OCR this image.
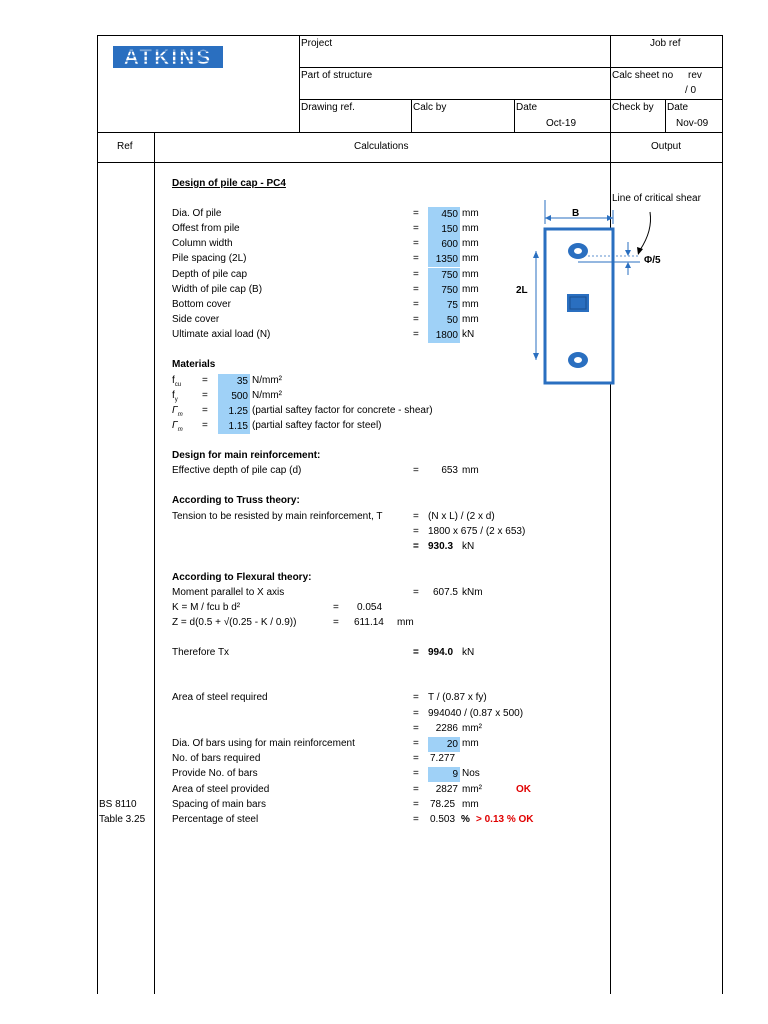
ATKINS
Project	Job ref
Part of structure	Calc sheet no rev
/ 0
Drawing ref.	Calc by	Date
Oct-19
Check by Date
Nov-09
Ref	Calculations	Output
Design of pile cap - PC4
Dia. Of pile	=	450 mm
Offest from pile	=	150 mm
Column width	=	600 mm
Pile spacing (2L)	=	1350 mm
Depth of pile cap	=	750 mm
Width of pile cap (B)	=	750 mm
Bottom cover	=	75 mm
Side cover	=	50 mm
Ultimate axial load (N)	=	1800 kN
Line of critical shear
B
2L
Φ/5
Materials
$f_{cu}$ =	35 N/mm²
$f_y$ =	500 N/mm²
$\Gamma_m$ =	1.25 (partial saftey factor for concrete - shear)
$\Gamma_m$ =	1.15 (partial saftey factor for steel)
Design for main reinforcement:
Effective depth of pile cap (d)	=	653 mm
According to Truss theory:
Tension to be resisted by main reinforcement, T	= (N x L) / (2 x d)
= 1800 x 675 / (2 x 653)
= 930.3 kN
According to Flexural theory:
Moment parallel to X axis	=	607.5 kNm
K = M / fcu b d²	= 0.054
Z = d(0.5 + √(0.25 - K / 0.9))	= 611.14 mm
Therefore Tx	= 994.0 kN
Area of steel required	= T / (0.87 x fy)
= 994040 / (0.87 x 500)
=	2286 mm²
Dia. Of bars using for main reinforcement	=	20 mm
No. of bars required	= 7.277
Provide No. of bars	=	9 Nos
Area of steel provided	=	2827 mm²	OK
BS 8110	Spacing of main bars	= 78.25 mm
Table 3.25	Percentage of steel	= 0.503 % > 0.13 % OK
